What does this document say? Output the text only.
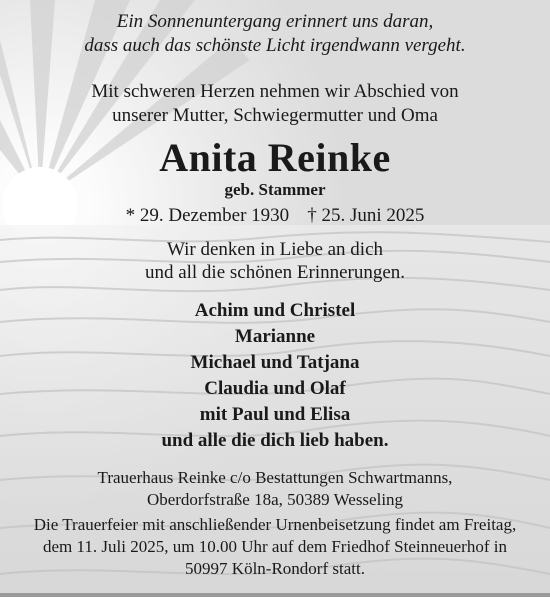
Ein Sonnenuntergang erinnert uns daran,
dass auch das schönste Licht irgendwann vergeht.
Mit schweren Herzen nehmen wir Abschied von
unserer Mutter, Schwiegermutter und Oma
Anita Reinke
geb. Stammer
* 29. Dezember 1930 † 25. Juni 2025
Wir denken in Liebe an dich
und all die schönen Erinnerungen.
Achim und Christel
Marianne
Michael und Tatjana
Claudia und Olaf
mit Paul und Elisa
und alle die dich lieb haben.
Trauerhaus Reinke c/o Bestattungen Schwartmanns,
Oberdorfstraße 18a, 50389 Wesseling
Die Trauerfeier mit anschließender Urnenbeisetzung findet am Freitag,
dem 11. Juli 2025, um 10.00 Uhr auf dem Friedhof Steinneuerhof in
50997 Köln-Rondorf statt.
